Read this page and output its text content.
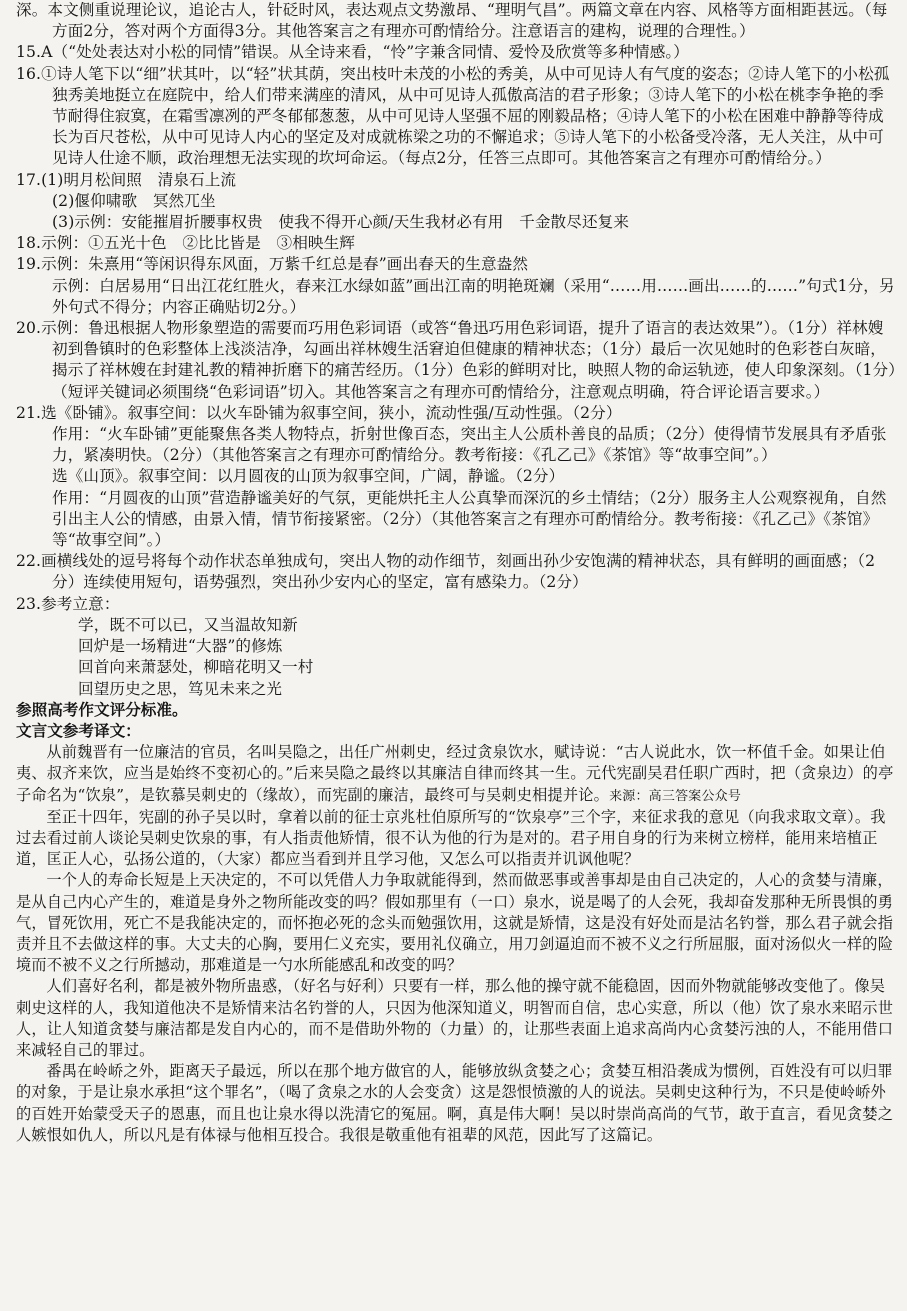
深。本文侧重说理论议，追论古人，针砭时风，表达观点文势激昂、“理明气昌”。两篇文章在内容、风格等方面相距甚远。（每方面2分，答对两个方面得3分。其他答案言之有理亦可酌情给分。注意语言的建构，说理的合理性。）

15.A（“处处表达对小松的同情”错误。从全诗来看，“怜”字兼含同情、爱怜及欣赏等多种情感。）

16.①诗人笔下以“细”状其叶，以“轻”状其荫，突出枝叶未茂的小松的秀美，从中可见诗人有气度的姿态；②诗人笔下的小松孤独秀美地挺立在庭院中，给人们带来满座的清风，从中可见诗人孤傲高洁的君子形象；③诗人笔下的小松在桃李争艳的季节耐得住寂寞，在霜雪凛冽的严冬郁郁葱葱，从中可见诗人坚强不屈的刚毅品格；④诗人笔下的小松在困难中静静等待成长为百尺苍松，从中可见诗人内心的坚定及对成就栋梁之功的不懈追求；⑤诗人笔下的小松备受冷落，无人关注，从中可见诗人仕途不顺，政治理想无法实现的坎坷命运。（每点2分，任答三点即可。其他答案言之有理亦可酌情给分。）

17.(1)明月松间照　清泉石上流

(2)偃仰啸歌　冥然兀坐

(3)示例：安能摧眉折腰事权贵　使我不得开心颜/天生我材必有用　千金散尽还复来

18.示例：①五光十色　②比比皆是　③相映生辉

19.示例：朱熹用“等闲识得东风面，万紫千红总是春”画出春天的生意盎然

示例：白居易用“日出江花红胜火，春来江水绿如蓝”画出江南的明艳斑斓（采用“……用……画出……的……”句式1分，另外句式不得分；内容正确贴切2分。）

20.示例：鲁迅根据人物形象塑造的需要而巧用色彩词语（或答“鲁迅巧用色彩词语，提升了语言的表达效果”）。（1分）祥林嫂初到鲁镇时的色彩整体上浅淡洁净，勾画出祥林嫂生活窘迫但健康的精神状态；（1分）最后一次见她时的色彩苍白灰暗，揭示了祥林嫂在封建礼教的精神折磨下的痛苦经历。（1分）色彩的鲜明对比，映照人物的命运轨迹，使人印象深刻。（1分）（短评关键词必须围绕“色彩词语”切入。其他答案言之有理亦可酌情给分，注意观点明确，符合评论语言要求。）

21.选《卧铺》。叙事空间：以火车卧铺为叙事空间，狭小，流动性强/互动性强。（2分）

作用：“火车卧铺”更能聚焦各类人物特点，折射世像百态，突出主人公质朴善良的品质；（2分）使得情节发展具有矛盾张力，紧凑明快。（2分）（其他答案言之有理亦可酌情给分。教考衔接：《孔乙己》《茶馆》等“故事空间”。）

选《山顶》。叙事空间：以月圆夜的山顶为叙事空间，广阔，静谧。（2分）

作用：“月圆夜的山顶”营造静谧美好的气氛，更能烘托主人公真挚而深沉的乡土情结；（2分）服务主人公观察视角，自然引出主人公的情感，由景入情，情节衔接紧密。（2分）（其他答案言之有理亦可酌情给分。教考衔接：《孔乙己》《茶馆》等“故事空间”。）

22.画横线处的逗号将每个动作状态单独成句，突出人物的动作细节，刻画出孙少安饱满的精神状态，具有鲜明的画面感；（2分）连续使用短句，语势强烈，突出孙少安内心的坚定，富有感染力。（2分）

23.参考立意：

学，既不可以已，又当温故知新

回炉是一场精进“大器”的修炼

回首向来萧瑟处，柳暗花明又一村

回望历史之思，笃见未来之光

参照高考作文评分标准。

文言文参考译文：

从前魏晋有一位廉洁的官员，名叫吴隐之，出任广州刺史，经过贪泉饮水，赋诗说：“古人说此水，饮一杯值千金。如果让伯夷、叔齐来饮，应当是始终不变初心的。”后来吴隐之最终以其廉洁自律而终其一生。元代宪副吴君任职广西时，把（贪泉边）的亭子命名为“饮泉”，是钦慕吴刺史的（缘故），而宪副的廉洁，最终可与吴刺史相提并论。来源：高三答案公众号

至正十四年，宪副的孙子吴以时，拿着以前的征士京兆杜伯原所写的“饮泉亭”三个字，来征求我的意见（向我求取文章）。我过去看过前人谈论吴刺史饮泉的事，有人指责他矫情，很不认为他的行为是对的。君子用自身的行为来树立榜样，能用来培植正道，匡正人心，弘扬公道的，（大家）都应当看到并且学习他，又怎么可以指责并讥讽他呢？

一个人的寿命长短是上天决定的，不可以凭借人力争取就能得到，然而做恶事或善事却是由自己决定的，人心的贪婪与清廉，是从自己内心产生的，难道是身外之物所能改变的吗？假如那里有（一口）泉水，说是喝了的人会死，我却奋发那种无所畏惧的勇气，冒死饮用，死亡不是我能决定的，而怀抱必死的念头而勉强饮用，这就是矫情，这是没有好处而是沽名钓誉，那么君子就会指责并且不去做这样的事。大丈夫的心胸，要用仁义充实，要用礼仪确立，用刀剑逼迫而不被不义之行所屈服，面对汤似火一样的险境而不被不义之行所撼动，那难道是一勺水所能感乱和改变的吗？

人们喜好名利，都是被外物所蛊惑，（好名与好利）只要有一样，那么他的操守就不能稳固，因而外物就能够改变他了。像吴刺史这样的人，我知道他决不是矫情来沽名钓誉的人，只因为他深知道义，明智而自信，忠心实意，所以（他）饮了泉水来昭示世人，让人知道贪婪与廉洁都是发自内心的，而不是借助外物的（力量）的，让那些表面上追求高尚内心贪婪污浊的人，不能用借口来减轻自己的罪过。

番禺在岭峤之外，距离天子最远，所以在那个地方做官的人，能够放纵贪婪之心；贪婪互相沿袭成为惯例，百姓没有可以归罪的对象，于是让泉水承担“这个罪名”，（喝了贪泉之水的人会变贪）这是怨恨愤激的人的说法。吴刺史这种行为，不只是使岭峤外的百姓开始蒙受天子的恩惠，而且也让泉水得以洗清它的冤屈。啊，真是伟大啊！吴以时崇尚高尚的气节，敢于直言，看见贪婪之人嫉恨如仇人，所以凡是有体禄与他相互投合。我很是敬重他有祖辈的风范，因此写了这篇记。
